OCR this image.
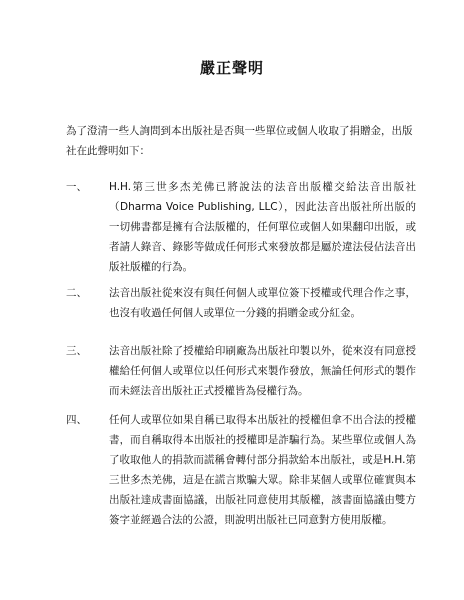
嚴正聲明
為了澄清一些人詢問到本出版社是否與一些單位或個人收取了捐贈金，出版社在此聲明如下：
一、	H.H.第三世多杰羌佛已將說法的法音出版權交給法音出版社（Dharma Voice Publishing, LLC），因此法音出版社所出版的一切佛書都是擁有合法版權的，任何單位或個人如果翻印出版，或者請人錄音、錄影等做成任何形式來發放都是屬於違法侵佔法音出版社版權的行為。
二、	法音出版社從來沒有與任何個人或單位簽下授權或代理合作之事，也沒有收過任何個人或單位一分錢的捐贈金或分紅金。
三、	法音出版社除了授權給印刷廠為出版社印製以外，從來沒有同意授權給任何個人或單位以任何形式來製作發放，無論任何形式的製作而未經法音出版社正式授權皆為侵權行為。
四、	任何人或單位如果自稱已取得本出版社的授權但拿不出合法的授權書，而自稱取得本出版社的授權即是詐騙行為。某些單位或個人為了收取他人的捐款而謊稱會轉付部分捐款給本出版社，或是H.H.第三世多杰羌佛，這是在謊言欺騙大眾。除非某個人或單位確實與本出版社達成書面協議，出版社同意使用其版權，該書面協議由雙方簽字並經過合法的公證，則說明出版社已同意對方使用版權。
